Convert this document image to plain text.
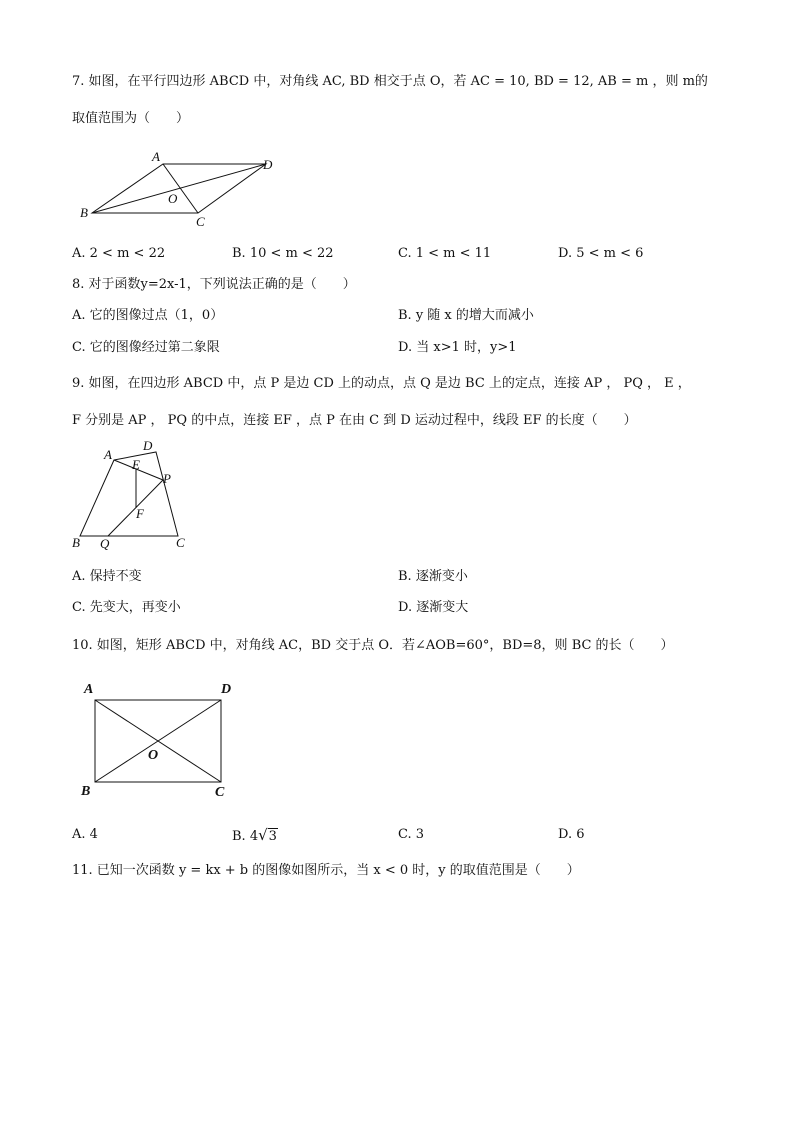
7. 如图，在平行四边形 ABCD 中，对角线 AC, BD 相交于点 O，若 AC = 10, BD = 12, AB = m ，则 m的
取值范围为（　　）
A
B
C
D
O
A. 2 < m < 22	B. 10 < m < 22	C. 1 < m < 11	D. 5 < m < 6
8. 对于函数y=2x-1，下列说法正确的是（　　）
A. 它的图像过点（1，0）	B. y 随 x 的增大而减小
C. 它的图像经过第二象限	D. 当 x>1 时，y>1
9. 如图，在四边形 ABCD 中，点 P 是边 CD 上的动点，点 Q 是边 BC 上的定点，连接 AP ， PQ ， E ，
F 分别是 AP ， PQ 的中点，连接 EF ，点 P 在由 C 到 D 运动过程中，线段 EF 的长度（　　）
A
D
E
P
F
B Q	C
A. 保持不变	B. 逐渐变小
C. 先变大，再变小	D. 逐渐变大
10. 如图，矩形 ABCD 中，对角线 AC，BD 交于点 O．若∠AOB=60°，BD=8，则 BC 的长（　　）
A	D
O
B	C
A. 4	B. 4√3	C. 3	D. 6
11. 已知一次函数 y = kx + b 的图像如图所示，当 x < 0 时，y 的取值范围是（　　）
